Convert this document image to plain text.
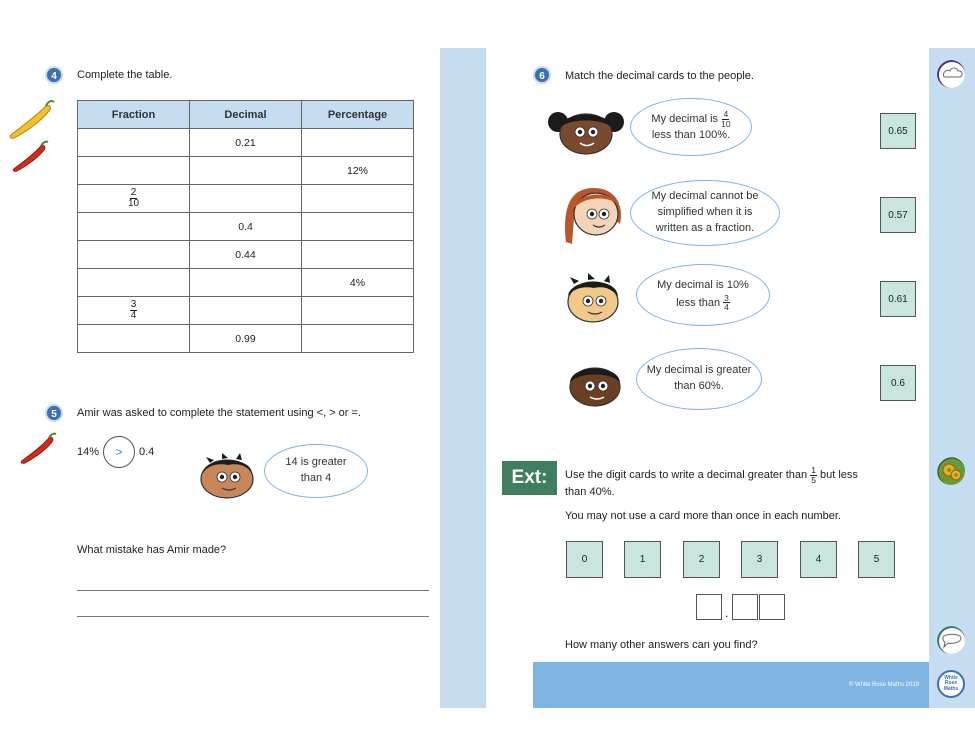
4	Complete the table.
Fraction	Decimal	Percentage
	0.21	
		12%

$\frac{2}{10}$

	0.4	
	0.44	
		4%

$\frac{3}{4}$

	0.99	
5	Amir was asked to complete the statement using <, > or =.
14%	>	0.4
14 is greater
than 4
What mistake has Amir made?
6	Match the decimal cards to the people.
My decimal is $\frac{4}{10}$
less than 100%.	0.65
My decimal cannot be
simplified when it is
written as a fraction.
0.57
My decimal is 10%
less than $\frac{3}{4}$	0.61
My decimal is greater
than 60%.	0.6
Ext:	Use the digit cards to write a decimal greater than $\frac{1}{5}$ but less
than 40%.
You may not use a card more than once in each number.
0	1	2	3	4	5
.
How many other answers can you find?
© White Rose Maths 2019
White Rose Maths
